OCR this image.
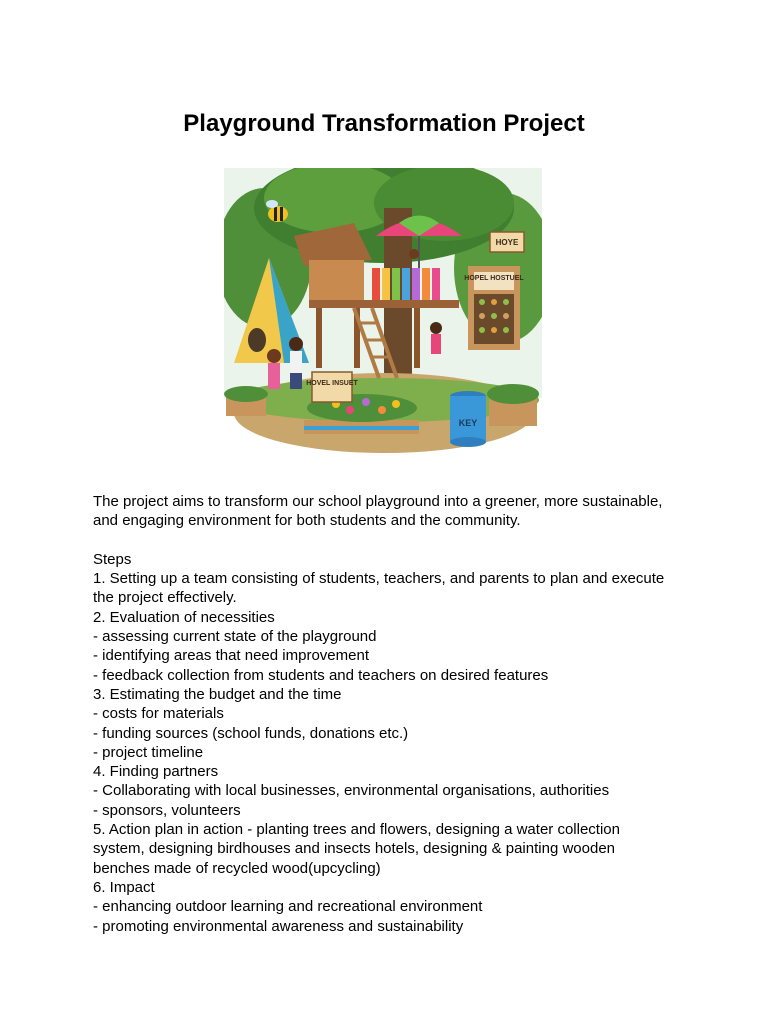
Playground Transformation Project
HOPEL HOSTUEL
HOYE
HOVEL INSUET
KEY

The project aims to transform our school playground into a greener, more sustainable, and engaging environment for both students and the community.

Steps

1. Setting up a team consisting of students, teachers, and parents to plan and execute the project effectively.

2. Evaluation of necessities

- assessing current state of the playground

- identifying areas that need improvement

- feedback collection from students and teachers on desired features

3. Estimating the budget and the time

- costs for materials

- funding sources (school funds, donations etc.)

- project timeline

4. Finding partners

- Collaborating with local businesses, environmental organisations, authorities

- sponsors, volunteers

5. Action plan in action - planting trees and flowers, designing a water collection system, designing birdhouses and insects hotels, designing & painting wooden benches made of recycled wood(upcycling)

6. Impact

- enhancing outdoor learning and recreational environment

- promoting environmental awareness and sustainability
